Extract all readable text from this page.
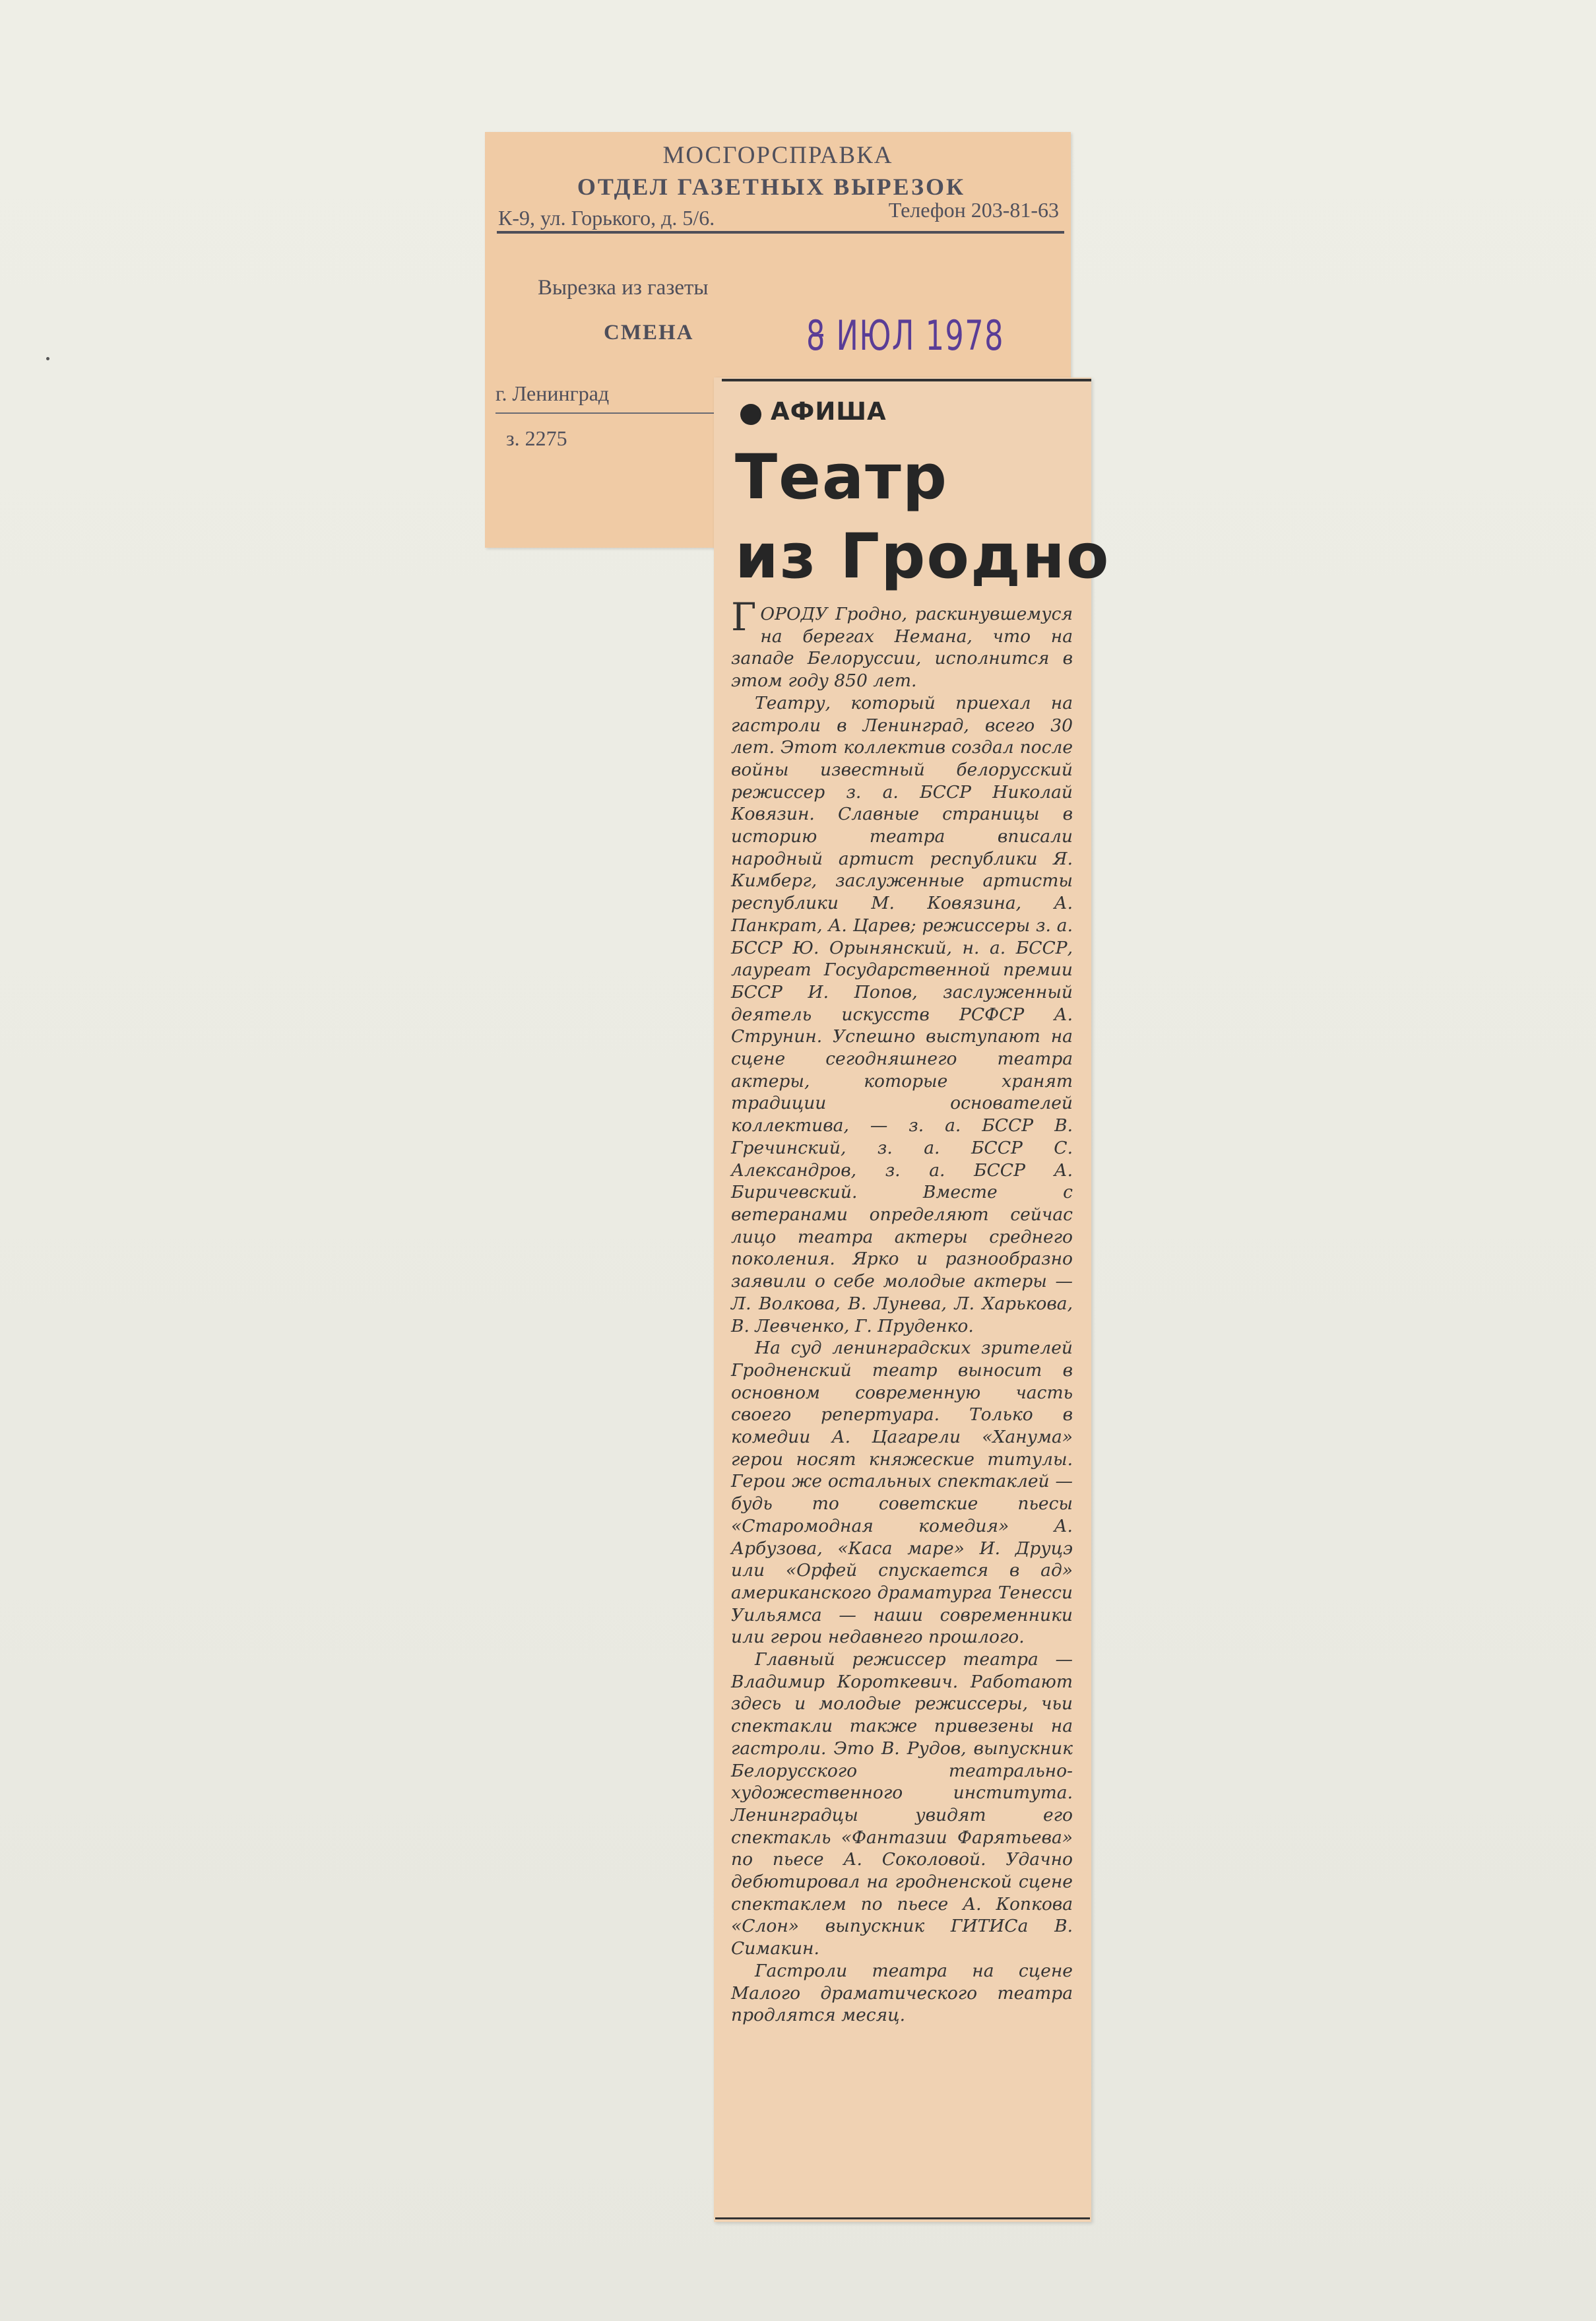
МОСГОРСПРАВКА
ОТДЕЛ ГАЗЕТНЫХ ВЫРЕЗОК
К-9, ул. Горького, д. 5/6.	Телефон 203-81-63
Вырезка из газеты
СМЕНА
г. Ленинград
з. 2275
8 ИЮЛ 1978
АФИША
Театр
из Гродно

ГОРОДУ Гродно, раскинувшемуся на берегах Немана, что на западе Белоруссии, исполнится в этом году 850 лет.

Театру, который приехал на гастроли в Ленинград, всего 30 лет. Этот коллектив создал после войны известный белорусский режиссер з. а. БССР Николай Ковязин. Славные страницы в историю театра вписали народный артист республики Я. Кимберг, заслуженные артисты республики М. Ковязина, А. Панкрат, А. Царев; режиссеры з. а. БССР Ю. Орынянский, н. а. БССР, лауреат Государственной премии БССР И. Попов, заслуженный деятель искусств РСФСР А. Струнин. Успешно выступают на сцене сегодняшнего театра актеры, которые хранят традиции основателей коллектива, — з. а. БССР В. Гречинский, з. а. БССР С. Александров, з. а. БССР А. Биричевский. Вместе с ветеранами определяют сейчас лицо театра актеры среднего поколения. Ярко и разнообразно заявили о себе молодые актеры — Л. Волкова, В. Лунева, Л. Харькова, В. Левченко, Г. Пруденко.

На суд ленинградских зрителей Гродненский театр выносит в основном современную часть своего репертуара. Только в комедии А. Цагарели «Ханума» герои носят княжеские титулы. Герои же остальных спектаклей — будь то советские пьесы «Старомодная комедия» А. Арбузова, «Каса маре» И. Друцэ или «Орфей спускается в ад» американского драматурга Тенесси Уильямса — наши современники или герои недавнего прошлого.

Главный режиссер театра — Владимир Короткевич. Работают здесь и молодые режиссеры, чьи спектакли также привезены на гастроли. Это В. Рудов, выпускник Белорусского театрально-художественного института. Ленинградцы увидят его спектакль «Фантазии Фарятьева» по пьесе А. Соколовой. Удачно дебютировал на гродненской сцене спектаклем по пьесе А. Копкова «Слон» выпускник ГИТИСа В. Симакин.

Гастроли театра на сцене Малого драматического театра продлятся месяц.
